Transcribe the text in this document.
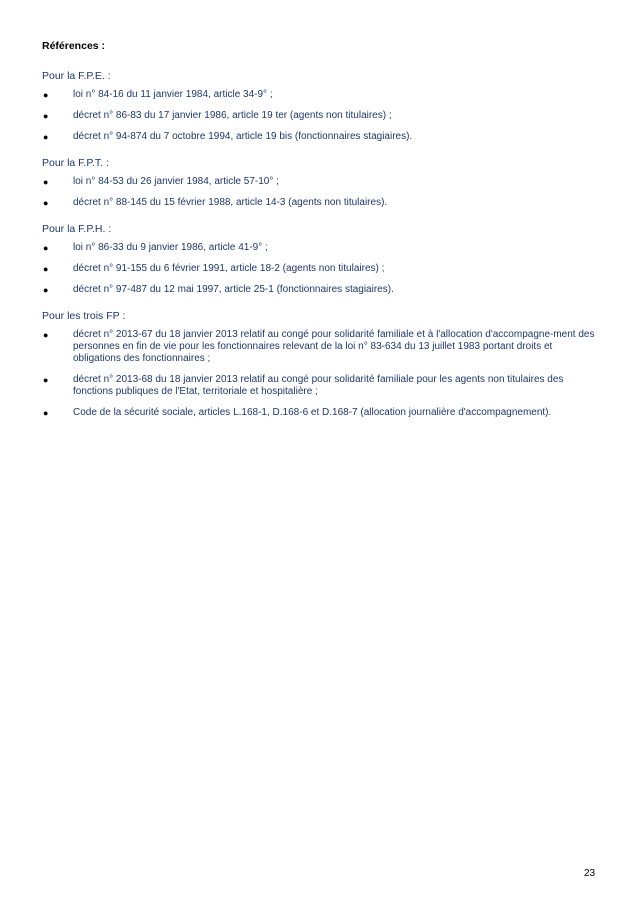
Références :
Pour la F.P.E. :
● loi n° 84-16 du 11 janvier 1984, article 34-9° ;
● décret n° 86-83 du 17 janvier 1986, article 19 ter (agents non titulaires) ;
● décret n° 94-874 du 7 octobre 1994, article 19 bis (fonctionnaires stagiaires).
Pour la F.P.T. :
● loi n° 84-53 du 26 janvier 1984, article 57-10° ;
● décret n° 88-145 du 15 février 1988, article 14-3 (agents non titulaires).
Pour la F.P.H. :
● loi n° 86-33 du 9 janvier 1986, article 41-9° ;
● décret n° 91-155 du 6 février 1991, article 18-2 (agents non titulaires) ;
● décret n° 97-487 du 12 mai 1997, article 25-1 (fonctionnaires stagiaires).
Pour les trois FP :
● décret n° 2013-67 du 18 janvier 2013 relatif au congé pour solidarité familiale et à l'allocation d'accompagne-ment des personnes en fin de vie pour les fonctionnaires relevant de la loi n° 83-634 du 13 juillet 1983 portant droits et obligations des fonctionnaires ;
● décret n° 2013-68 du 18 janvier 2013 relatif au congé pour solidarité familiale pour les agents non titulaires des fonctions publiques de l'Etat, territoriale et hospitalière ;
● Code de la sécurité sociale, articles L.168-1, D.168-6 et D.168-7 (allocation journalière d'accompagnement).
23
